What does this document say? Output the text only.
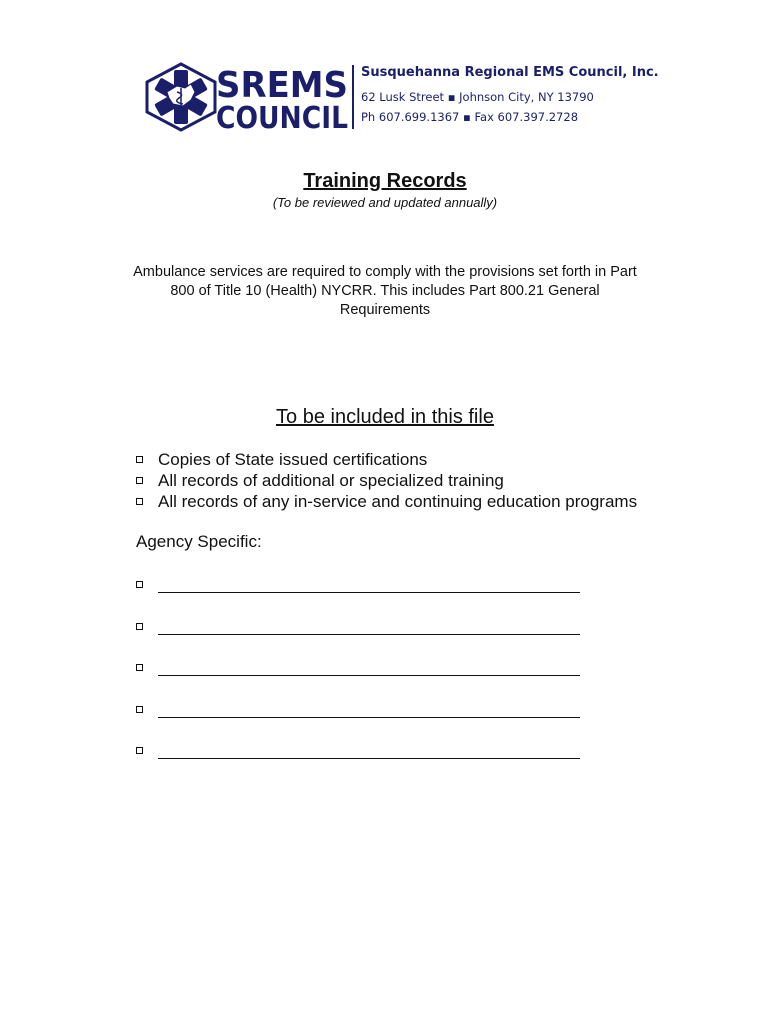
SREMS
COUNCIL
Susquehanna Regional EMS Council, Inc.
62 Lusk Street ▪ Johnson City, NY 13790
Ph 607.699.1367 ▪ Fax 607.397.2728
Training Records
(To be reviewed and updated annually)
Ambulance services are required to comply with the provisions set forth in Part
800 of Title 10 (Health) NYCRR. This includes Part 800.21 General
Requirements
To be included in this file
Copies of State issued certifications
All records of additional or specialized training
All records of any in-service and continuing education programs
Agency Specific:
